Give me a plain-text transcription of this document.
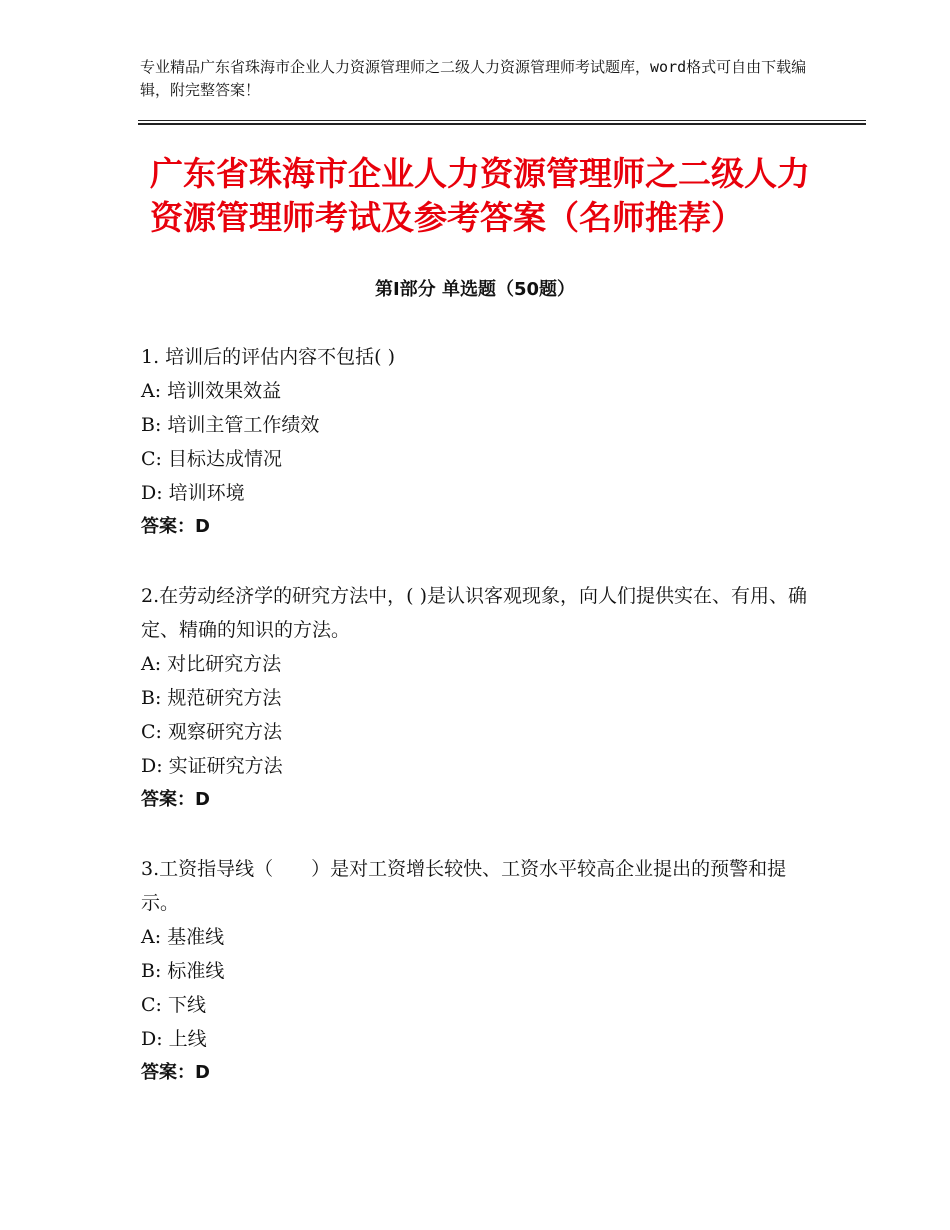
专业精品广东省珠海市企业人力资源管理师之二级人力资源管理师考试题库，word格式可自由下载编辑，附完整答案！
广东省珠海市企业人力资源管理师之二级人力资源管理师考试及参考答案（名师推荐）
第Ⅰ部分 单选题（50题）
1. 培训后的评估内容不包括( )
A: 培训效果效益
B: 培训主管工作绩效
C: 目标达成情况
D: 培训环境
答案：D
2.在劳动经济学的研究方法中，( )是认识客观现象，向人们提供实在、有用、确定、精确的知识的方法。
A: 对比研究方法
B: 规范研究方法
C: 观察研究方法
D: 实证研究方法
答案：D
3.工资指导线（　　）是对工资增长较快、工资水平较高企业提出的预警和提示。
A: 基准线
B: 标准线
C: 下线
D: 上线
答案：D
